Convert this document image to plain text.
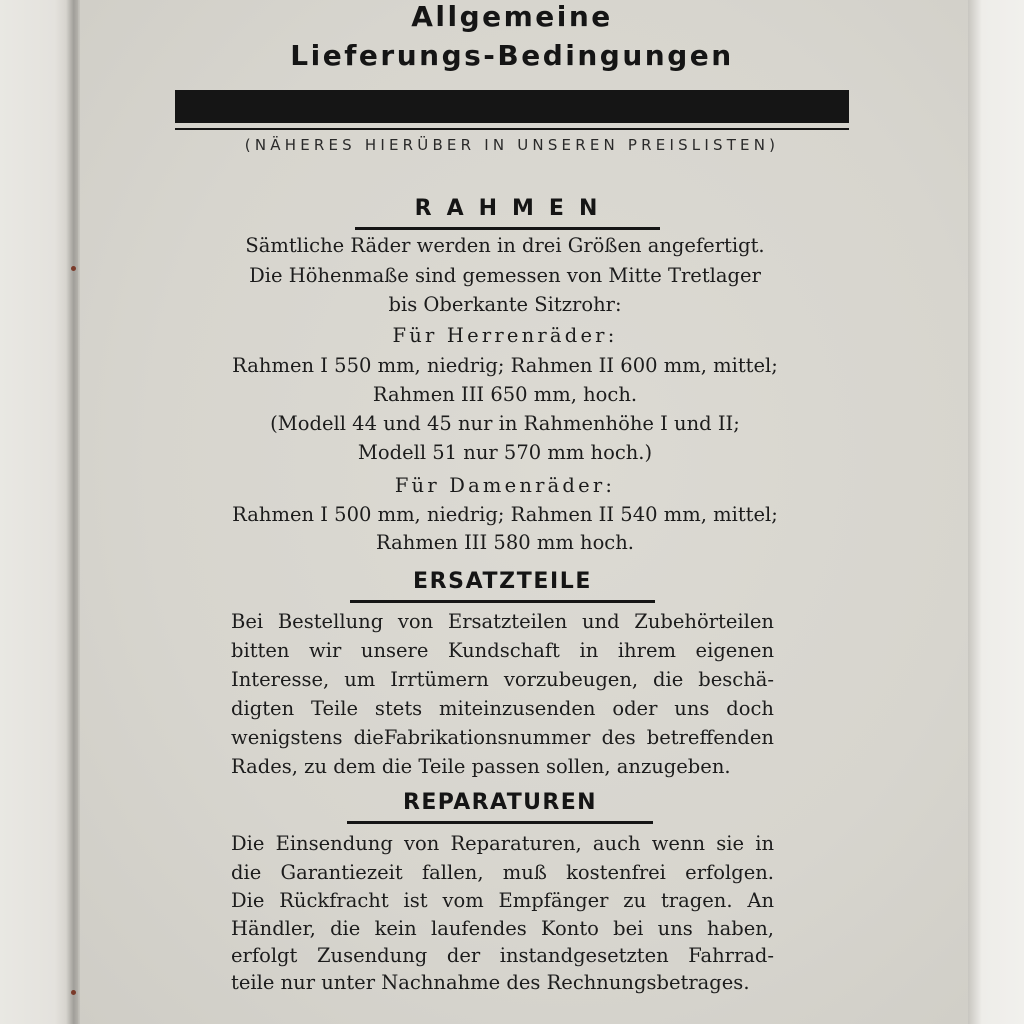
Allgemeine
Lieferungs-Bedingungen
(NÄHERES HIERÜBER IN UNSEREN PREISLISTEN)
RAHMEN
Sämtliche Räder werden in drei Größen angefertigt.
Die Höhenmaße sind gemessen von Mitte Tretlager
bis Oberkante Sitzrohr:
Für Herrenräder:
Rahmen I 550 mm, niedrig; Rahmen II 600 mm, mittel;
Rahmen III 650 mm, hoch.
(Modell 44 und 45 nur in Rahmenhöhe I und II;
Modell 51 nur 570 mm hoch.)
Für Damenräder:
Rahmen I 500 mm, niedrig; Rahmen II 540 mm, mittel;
Rahmen III 580 mm hoch.
ERSATZTEILE
Bei Bestellung von Ersatzteilen und Zubehörteilen
bitten wir unsere Kundschaft in ihrem eigenen
Interesse, um Irrtümern vorzubeugen, die beschä-
digten Teile stets miteinzusenden oder uns doch
wenigstens dieFabrikationsnummer des betreffenden
Rades, zu dem die Teile passen sollen, anzugeben.
REPARATUREN
Die Einsendung von Reparaturen, auch wenn sie in
die Garantiezeit fallen, muß kostenfrei erfolgen.
Die Rückfracht ist vom Empfänger zu tragen. An
Händler, die kein laufendes Konto bei uns haben,
erfolgt Zusendung der instandgesetzten Fahrrad-
teile nur unter Nachnahme des Rechnungsbetrages.
